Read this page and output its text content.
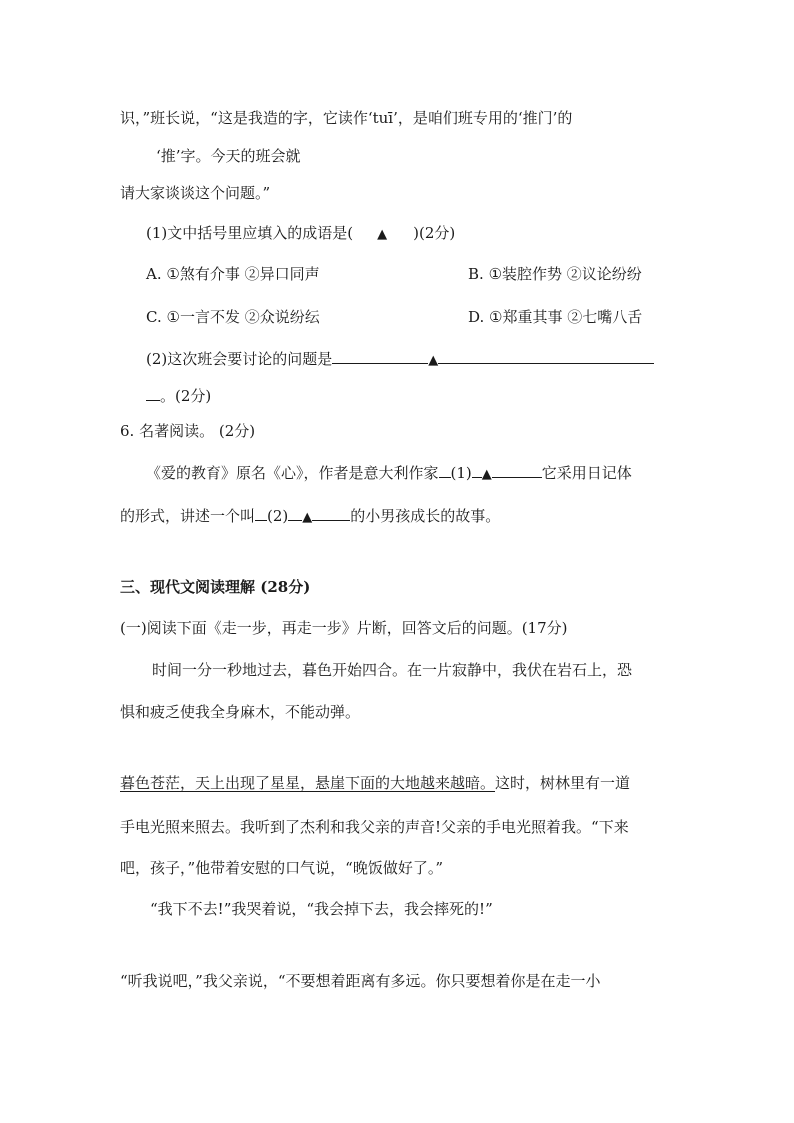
识，”班长说，“这是我造的字，它读作‘tuī’，是咱们班专用的‘推门’的
‘推’字。今天的班会就
请大家谈谈这个问题。”
(1)文中括号里应填入的成语是( ▲ )(2分)
A. ①煞有介事 ②异口同声	B. ①装腔作势 ②议论纷纷
C. ①一言不发 ②众说纷纭	D. ①郑重其事 ②七嘴八舌
(2)这次班会要讨论的问题是	▲
。(2分)
6. 名著阅读。 (2分)
《爱的教育》原名《心》，作者是意大利作家 (1) ▲	它采用日记体
的形式，讲述一个叫 (2) ▲	的小男孩成长的故事。
三、现代文阅读理解 (28分)
(一)阅读下面《走一步，再走一步》片断，回答文后的问题。(17分)
时间一分一秒地过去，暮色开始四合。在一片寂静中，我伏在岩石上，恐
惧和疲乏使我全身麻木，不能动弹。
暮色苍茫，天上出现了星星，悬崖下面的大地越来越暗。这时，树林里有一道
手电光照来照去。我听到了杰利和我父亲的声音!父亲的手电光照着我。“下来
吧，孩子，”他带着安慰的口气说，“晚饭做好了。”
“我下不去!”我哭着说，“我会掉下去，我会摔死的!”
“听我说吧，”我父亲说，“不要想着距离有多远。你只要想着你是在走一小
